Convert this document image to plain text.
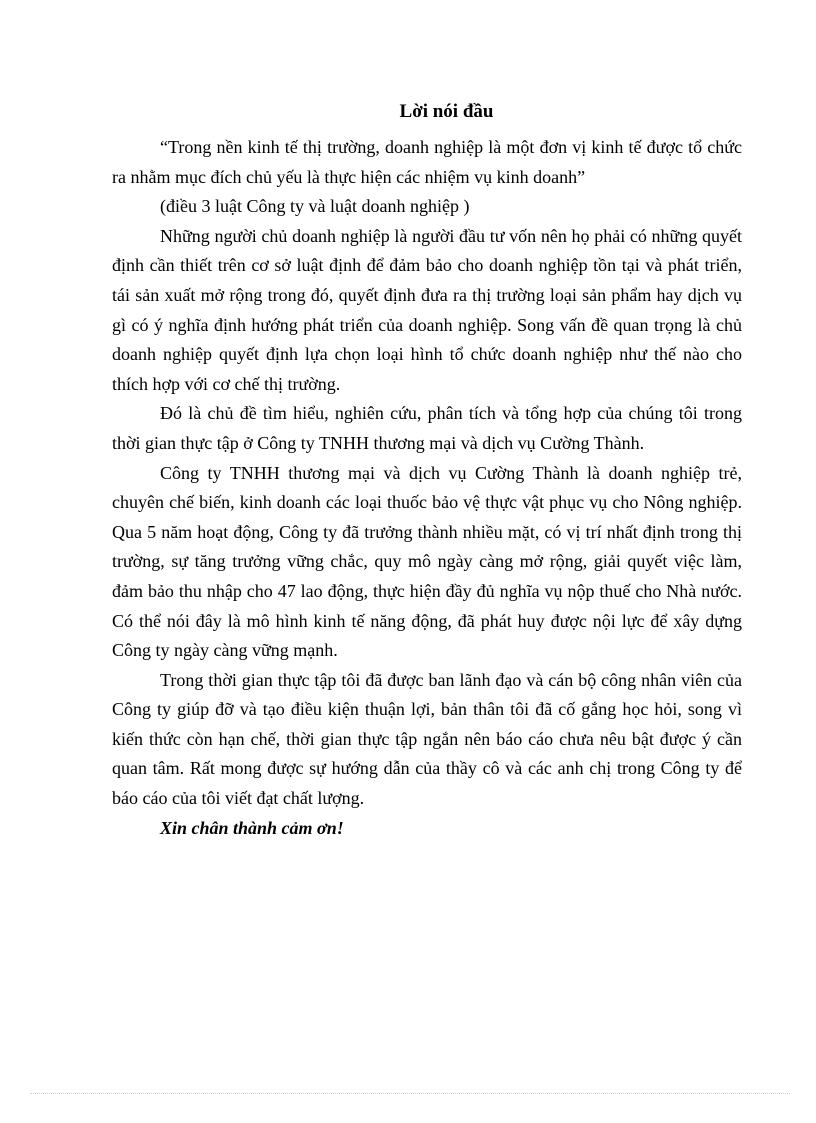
Lời nói đầu

“Trong nền kinh tế thị trường, doanh nghiệp là một đơn vị kinh tế được tổ chức ra nhằm mục đích chủ yếu là thực hiện các nhiệm vụ kinh doanh”

(điều 3 luật Công ty và luật doanh nghiệp )

Những người chủ doanh nghiệp là người đầu tư vốn nên họ phải có những quyết định cần thiết trên cơ sở luật định để đảm bảo cho doanh nghiệp tồn tại và phát triển, tái sản xuất mở rộng trong đó, quyết định đưa ra thị trường loại sản phẩm hay dịch vụ gì có ý nghĩa định hướng phát triển của doanh nghiệp. Song vấn đề quan trọng là chủ doanh nghiệp quyết định lựa chọn loại hình tổ chức doanh nghiệp như thế nào cho thích hợp với cơ chế thị trường.

Đó là chủ đề tìm hiểu, nghiên cứu, phân tích và tổng hợp của chúng tôi trong thời gian thực tập ở Công ty TNHH thương mại và dịch vụ Cường Thành.

Công ty TNHH thương mại và dịch vụ Cường Thành là doanh nghiệp trẻ, chuyên chế biến, kinh doanh các loại thuốc bảo vệ thực vật phục vụ cho Nông nghiệp. Qua 5 năm hoạt động, Công ty đã trưởng thành nhiều mặt, có vị trí nhất định trong thị trường, sự tăng trưởng vững chắc, quy mô ngày càng mở rộng, giải quyết việc làm, đảm bảo thu nhập cho 47 lao động, thực hiện đầy đủ nghĩa vụ nộp thuế cho Nhà nước. Có thể nói đây là mô hình kinh tế năng động, đã phát huy được nội lực để xây dựng Công ty ngày càng vững mạnh.

Trong thời gian thực tập tôi đã được ban lãnh đạo và cán bộ công nhân viên của Công ty giúp đỡ và tạo điều kiện thuận lợi, bản thân tôi đã cố gắng học hỏi, song vì kiến thức còn hạn chế, thời gian thực tập ngắn nên báo cáo chưa nêu bật được ý cần quan tâm. Rất mong được sự hướng dẫn của thầy cô và các anh chị trong Công ty để báo cáo của tôi viết đạt chất lượng.

Xin chân thành cảm ơn!
